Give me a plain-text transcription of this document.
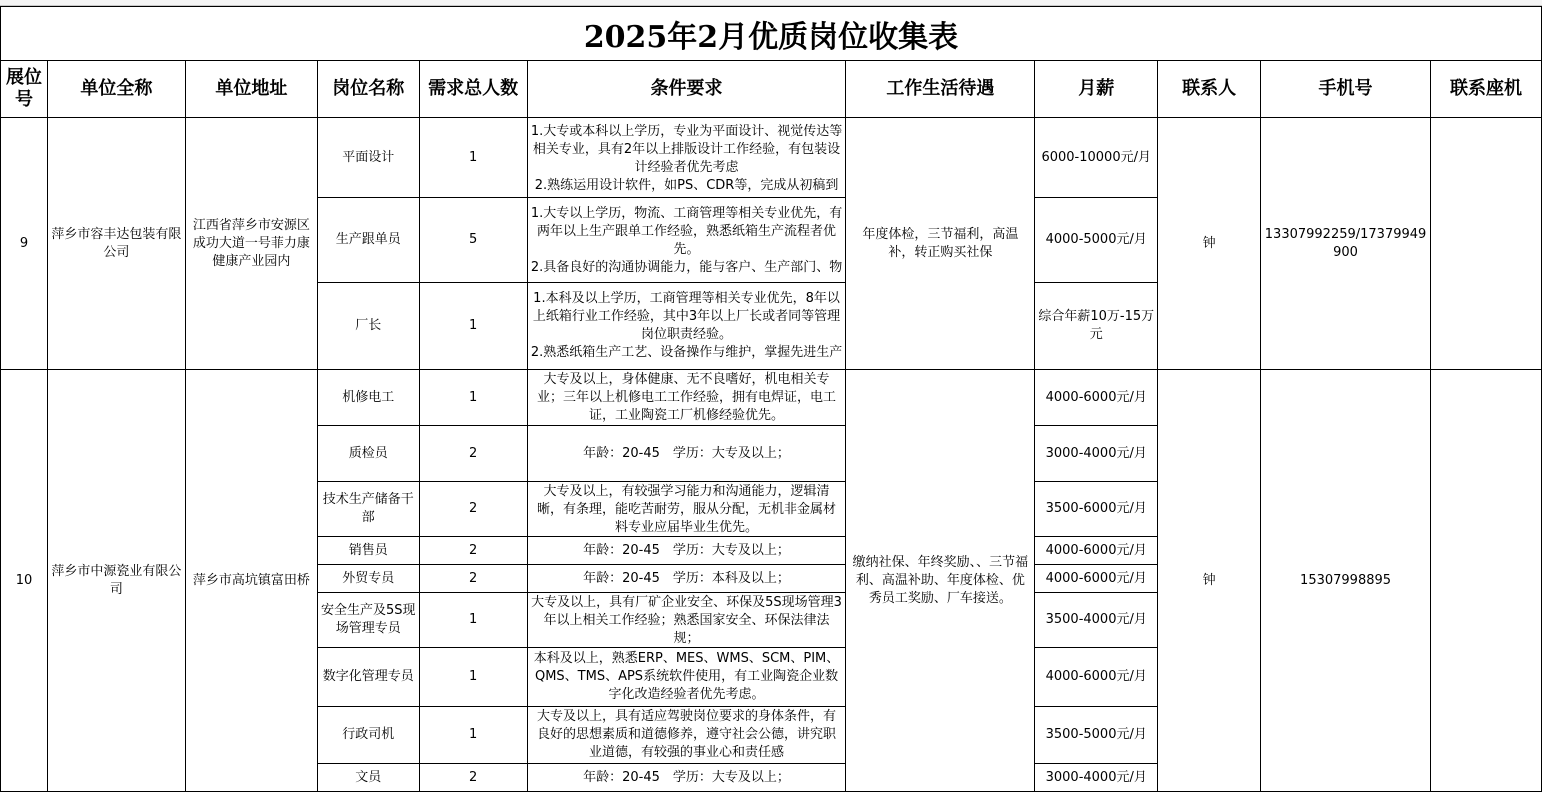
2025年2月优质岗位收集表
展位号	单位全称	单位地址	岗位名称	需求总人数	条件要求	工作生活待遇	月薪	联系人	手机号	联系座机
9	萍乡市容丰达包装有限公司	江西省萍乡市安源区成功大道一号菲力康健康产业园内	平面设计	1	1.大专或本科以上学历，专业为平面设计、视觉传达等相关专业，具有2年以上排版设计工作经验，有包装设计经验者优先考虑
2.熟练运用设计软件，如PS、CDR等，完成从初稿到	年度体检，三节福利，高温补，转正购买社保	6000-10000元/月	钟	13307992259/17379949900	
			生产跟单员	5	1.大专以上学历，物流、工商管理等相关专业优先，有两年以上生产跟单工作经验，熟悉纸箱生产流程者优先。
2.具备良好的沟通协调能力，能与客户、生产部门、物		4000-5000元/月			
			厂长	1	1.本科及以上学历，工商管理等相关专业优先，8年以上纸箱行业工作经验，其中3年以上厂长或者同等管理岗位职责经验。
2.熟悉纸箱生产工艺、设备操作与维护，掌握先进生产		综合年薪10万-15万元			
10	萍乡市中源瓷业有限公司	萍乡市高坑镇富田桥	机修电工	1	大专及以上，身体健康、无不良嗜好，机电相关专业；三年以上机修电工工作经验，拥有电焊证，电工证，工业陶瓷工厂机修经验优先。	缴纳社保、年终奖励、、三节福利、高温补助、年度体检、优秀员工奖励、厂车接送。	4000-6000元/月	钟	15307998895	
			质检员	2	年龄：20-45　学历：大专及以上；		3000-4000元/月			
			技术生产储备干部	2	大专及以上，有较强学习能力和沟通能力，逻辑清晰，有条理，能吃苦耐劳，服从分配，无机非金属材料专业应届毕业生优先。		3500-6000元/月			
			销售员	2	年龄：20-45　学历：大专及以上；		4000-6000元/月			
			外贸专员	2	年龄：20-45　学历：本科及以上；		4000-6000元/月			
			安全生产及5S现场管理专员	1	大专及以上，具有厂矿企业安全、环保及5S现场管理3年以上相关工作经验；熟悉国家安全、环保法律法规；		3500-4000元/月			
			数字化管理专员	1	本科及以上，熟悉ERP、MES、WMS、SCM、PIM、QMS、TMS、APS系统软件使用，有工业陶瓷企业数字化改造经验者优先考虑。		4000-6000元/月			
			行政司机	1	大专及以上，具有适应驾驶岗位要求的身体条件，有良好的思想素质和道德修养，遵守社会公德，讲究职业道德，有较强的事业心和责任感		3500-5000元/月			
			文员	2	年龄：20-45　学历：大专及以上；		3000-4000元/月			
